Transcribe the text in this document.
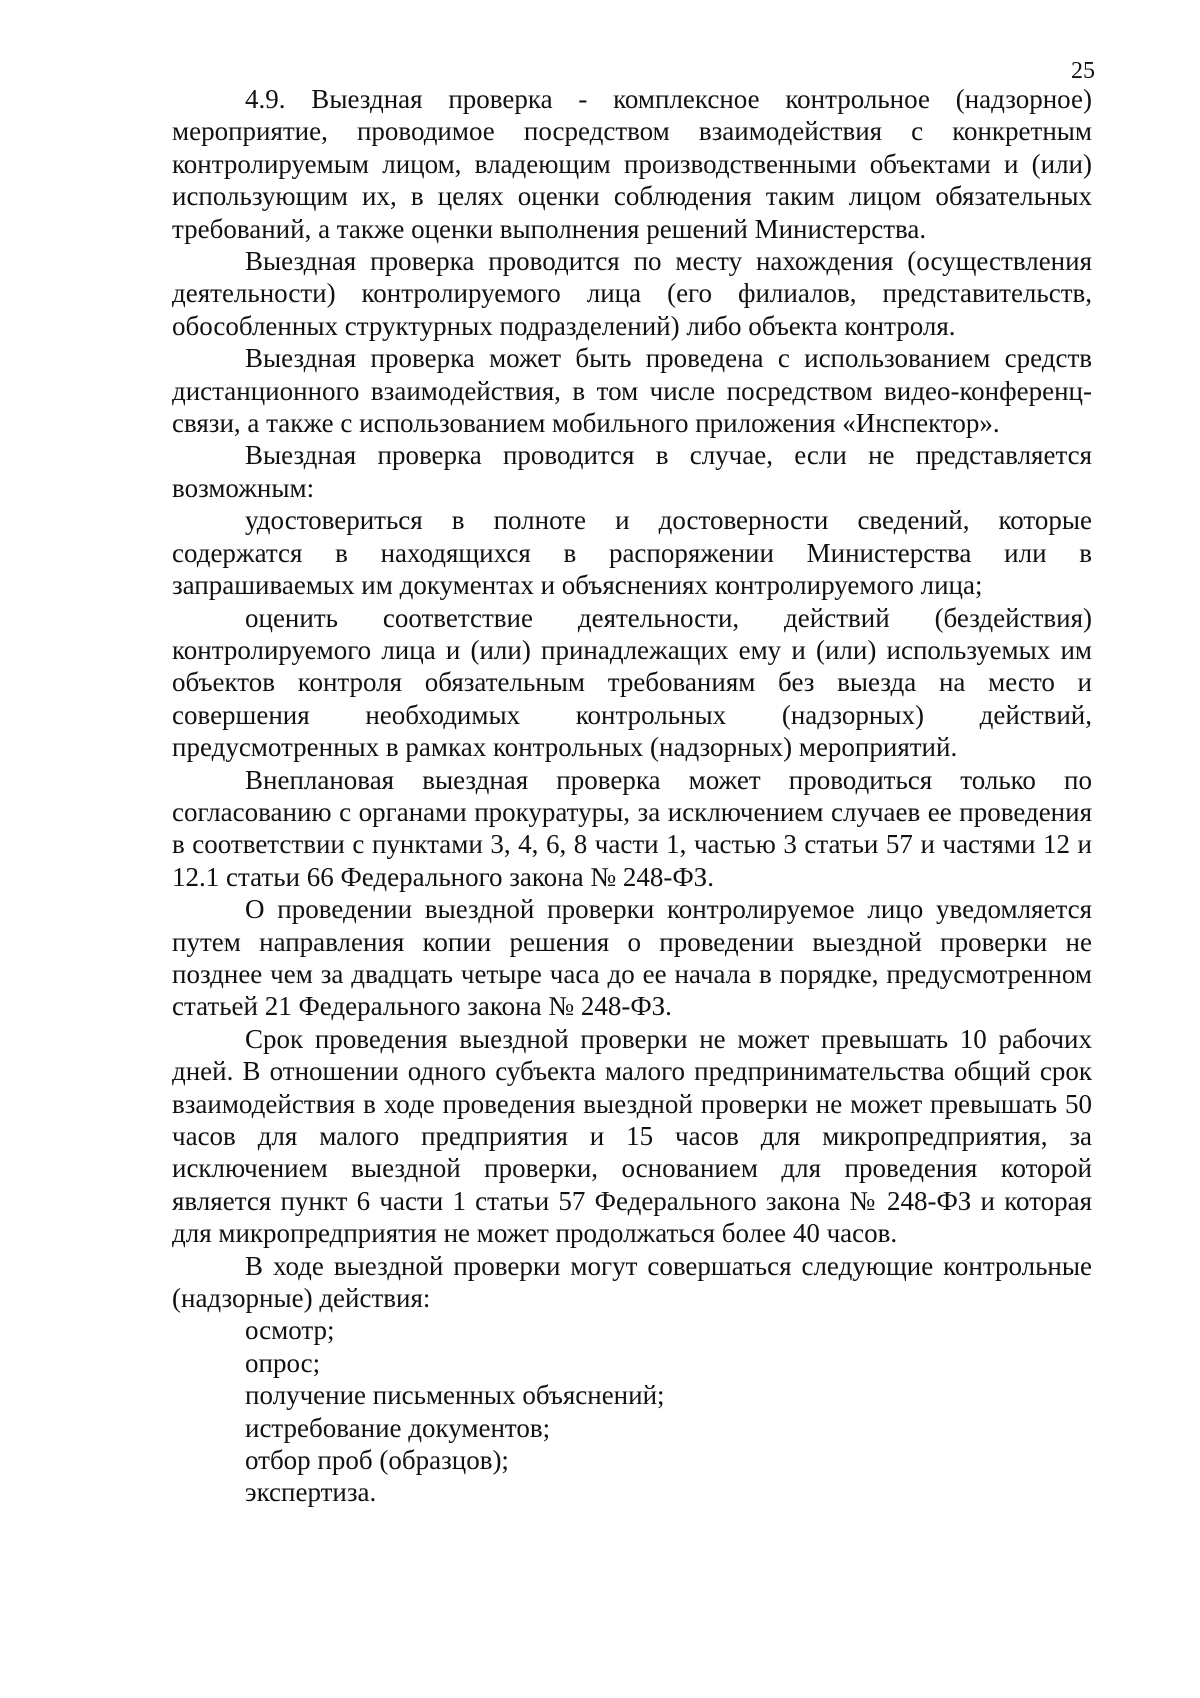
25

4.9. Выездная проверка - комплексное контрольное (надзорное) мероприятие, проводимое посредством взаимодействия с конкретным контролируемым лицом, владеющим производственными объектами и (или) использующим их, в целях оценки соблюдения таким лицом обязательных требований, а также оценки выполнения решений Министерства.

Выездная проверка проводится по месту нахождения (осуществления деятельности) контролируемого лица (его филиалов, представительств, обособленных структурных подразделений) либо объекта контроля.

Выездная проверка может быть проведена с использованием средств дистанционного взаимодействия, в том числе посредством видео-конференц-связи, а также с использованием мобильного приложения «Инспектор».

Выездная проверка проводится в случае, если не представляется возможным:

удостовериться в полноте и достоверности сведений, которые содержатся в находящихся в распоряжении Министерства или в запрашиваемых им документах и объяснениях контролируемого лица;

оценить соответствие деятельности, действий (бездействия) контролируемого лица и (или) принадлежащих ему и (или) используемых им объектов контроля обязательным требованиям без выезда на место и совершения необходимых контрольных (надзорных) действий, предусмотренных в рамках контрольных (надзорных) мероприятий.

Внеплановая выездная проверка может проводиться только по согласованию с органами прокуратуры, за исключением случаев ее проведения в соответствии с пунктами 3, 4, 6, 8 части 1, частью 3 статьи 57 и частями 12 и 12.1 статьи 66 Федерального закона № 248-ФЗ.

О проведении выездной проверки контролируемое лицо уведомляется путем направления копии решения о проведении выездной проверки не позднее чем за двадцать четыре часа до ее начала в порядке, предусмотренном статьей 21 Федерального закона № 248-ФЗ.

Срок проведения выездной проверки не может превышать 10 рабочих дней. В отношении одного субъекта малого предпринимательства общий срок взаимодействия в ходе проведения выездной проверки не может превышать 50 часов для малого предприятия и 15 часов для микропредприятия, за исключением выездной проверки, основанием для проведения которой является пункт 6 части 1 статьи 57 Федерального закона № 248-ФЗ и которая для микропредприятия не может продолжаться более 40 часов.

В ходе выездной проверки могут совершаться следующие контрольные (надзорные) действия:

осмотр;

опрос;

получение письменных объяснений;

истребование документов;

отбор проб (образцов);

экспертиза.
